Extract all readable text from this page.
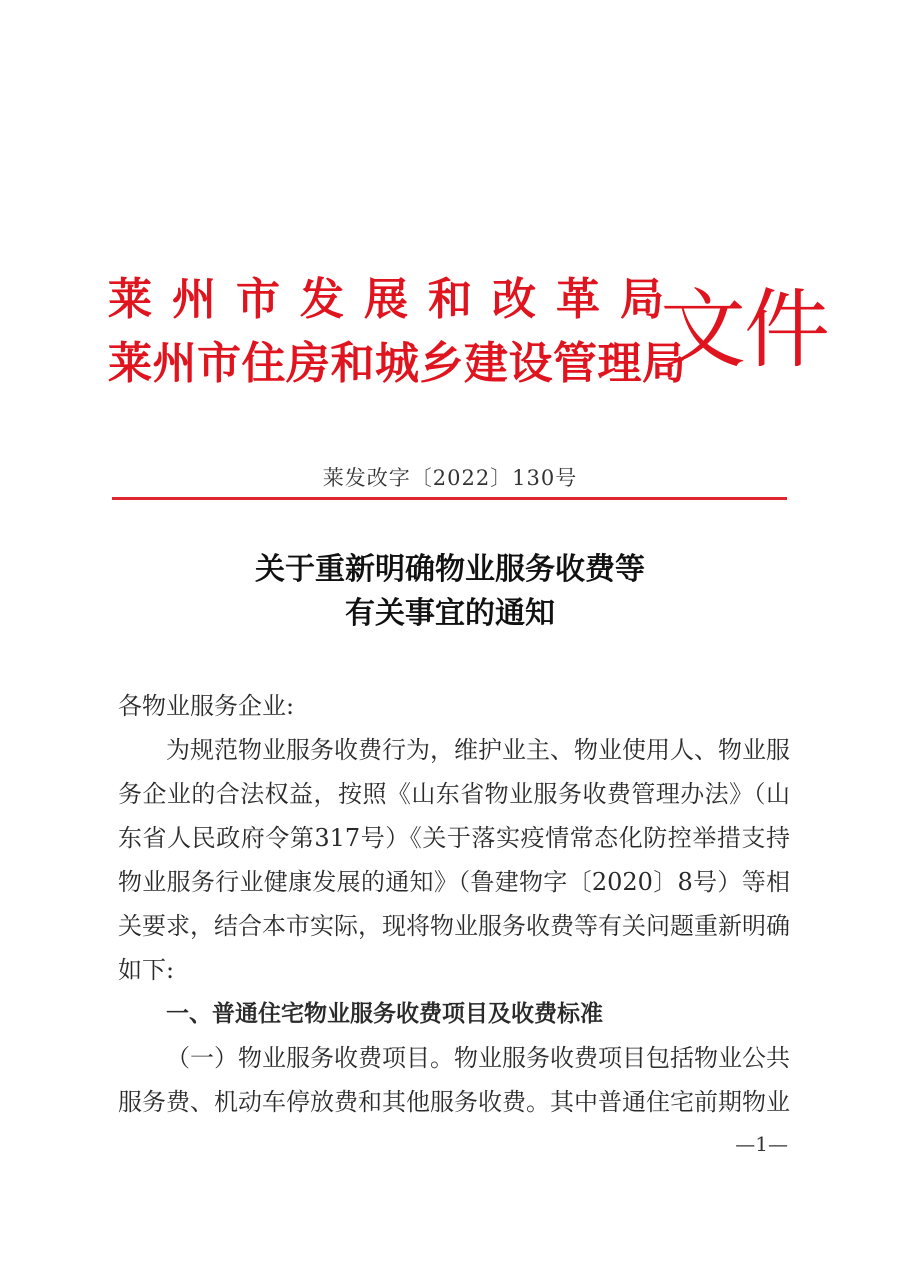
莱州市发展和改革局
莱州市住房和城乡建设管理局
文件
莱发改字〔2022〕130号
关于重新明确物业服务收费等
有关事宜的通知

各物业服务企业:

为规范物业服务收费行为，维护业主、物业使用人、物业服务企业的合法权益，按照《山东省物业服务收费管理办法》（山东省人民政府令第317号）《关于落实疫情常态化防控举措支持物业服务行业健康发展的通知》（鲁建物字〔2020〕8号）等相关要求，结合本市实际，现将物业服务收费等有关问题重新明确如下:

一、普通住宅物业服务收费项目及收费标准

（一）物业服务收费项目。物业服务收费项目包括物业公共服务费、机动车停放费和其他服务收费。其中普通住宅前期物业

—1—
